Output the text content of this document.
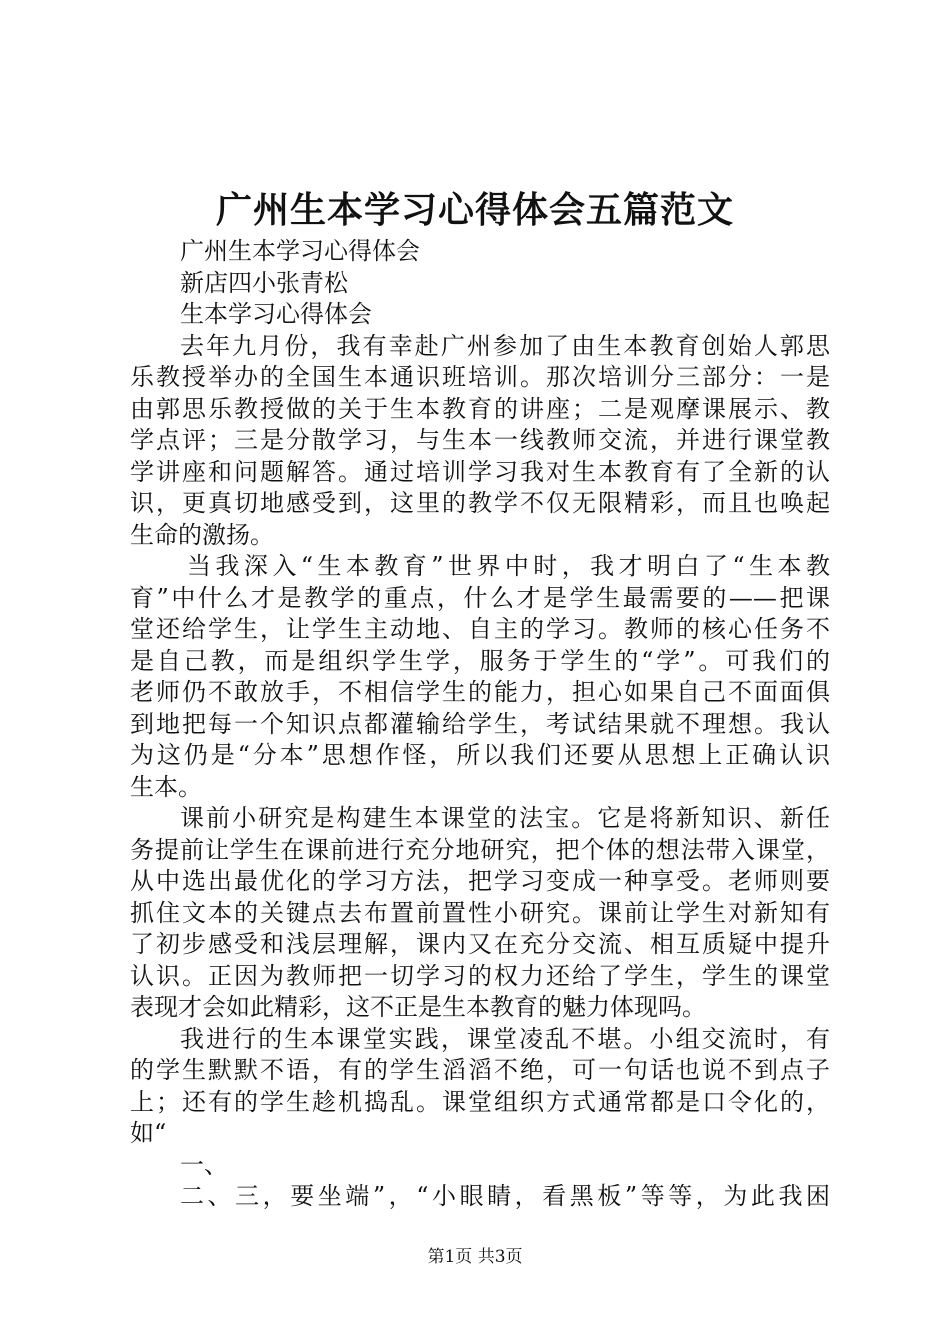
广州生本学习心得体会五篇范文
广州生本学习心得体会
新店四小张青松
生本学习心得体会
去年九月份，我有幸赴广州参加了由生本教育创始人郭思
乐教授举办的全国生本通识班培训。那次培训分三部分：一是
由郭思乐教授做的关于生本教育的讲座；二是观摩课展示、教
学点评；三是分散学习，与生本一线教师交流，并进行课堂教
学讲座和问题解答。通过培训学习我对生本教育有了全新的认
识，更真切地感受到，这里的教学不仅无限精彩，而且也唤起
生命的激扬。
当我深入“生本教育”世界中时，我才明白了“生本教
育”中什么才是教学的重点，什么才是学生最需要的——把课
堂还给学生，让学生主动地、自主的学习。教师的核心任务不
是自己教，而是组织学生学，服务于学生的“学”。可我们的
老师仍不敢放手，不相信学生的能力，担心如果自己不面面俱
到地把每一个知识点都灌输给学生，考试结果就不理想。我认
为这仍是“分本”思想作怪，所以我们还要从思想上正确认识
生本。
课前小研究是构建生本课堂的法宝。它是将新知识、新任
务提前让学生在课前进行充分地研究，把个体的想法带入课堂，
从中选出最优化的学习方法，把学习变成一种享受。老师则要
抓住文本的关键点去布置前置性小研究。课前让学生对新知有
了初步感受和浅层理解，课内又在充分交流、相互质疑中提升
认识。正因为教师把一切学习的权力还给了学生，学生的课堂
表现才会如此精彩，这不正是生本教育的魅力体现吗。
我进行的生本课堂实践，课堂凌乱不堪。小组交流时，有
的学生默默不语，有的学生滔滔不绝，可一句话也说不到点子
上；还有的学生趁机捣乱。课堂组织方式通常都是口令化的，
如“
一、
二、三，要坐端”，“小眼睛，看黑板”等等，为此我困
第1页 共3页
